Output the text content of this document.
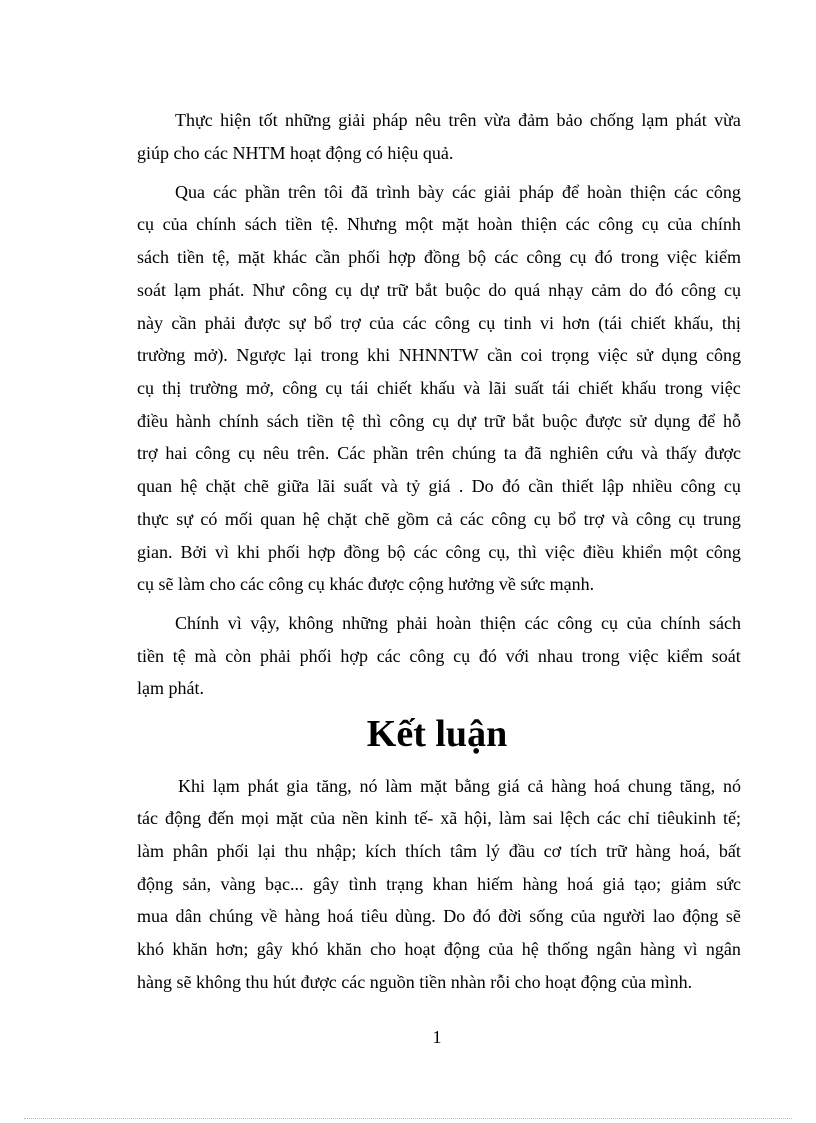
Thực hiện tốt những giải pháp nêu trên vừa đảm bảo chống lạm phát vừa

giúp cho các NHTM hoạt động có hiệu quả.

Qua các phần trên tôi đã trình bày các giải pháp để hoàn thiện các công

cụ của chính sách tiền tệ. Nhưng một mặt hoàn thiện các công cụ của chính

sách tiền tệ, mặt khác cần phối hợp đồng bộ các công cụ đó trong việc kiểm

soát lạm phát. Như công cụ dự trữ bắt buộc do quá nhạy cảm do đó công cụ

này cần phải được sự bổ trợ của các công cụ tinh vi hơn (tái chiết khấu, thị

trường mở). Ngược lại trong khi NHNNTW cần coi trọng việc sử dụng công

cụ thị trường mở, công cụ tái chiết khấu và lãi suất tái chiết khấu trong việc

điều hành chính sách tiền tệ thì công cụ dự trữ bắt buộc được sử dụng để hỗ

trợ hai công cụ nêu trên. Các phần trên chúng ta đã nghiên cứu và thấy được

quan hệ chặt chẽ giữa lãi suất và tỷ giá . Do đó cần thiết lập nhiều công cụ

thực sự có mối quan hệ chặt chẽ gồm cả các công cụ bổ trợ và công cụ trung

gian. Bởi vì khi phối hợp đồng bộ các công cụ, thì việc điều khiển một công

cụ sẽ làm cho các công cụ khác được cộng hưởng về sức mạnh.

Chính vì vậy, không những phải hoàn thiện các công cụ của chính sách

tiền tệ mà còn phải phối hợp các công cụ đó với nhau trong việc kiểm soát

lạm phát.

Kết luận

Khi lạm phát gia tăng, nó làm mặt bằng giá cả hàng hoá chung tăng, nó

tác động đến mọi mặt của nền kinh tế- xã hội, làm sai lệch các chỉ tiêukinh tế;

làm phân phối lại thu nhập; kích thích tâm lý đầu cơ tích trữ hàng hoá, bất

động sản, vàng bạc... gây tình trạng khan hiếm hàng hoá giả tạo; giảm sức

mua dân chúng về hàng hoá tiêu dùng. Do đó đời sống của người lao động sẽ

khó khăn hơn; gây khó khăn cho hoạt động của hệ thống ngân hàng vì ngân

hàng sẽ không thu hút được các nguồn tiền nhàn rỗi cho hoạt động của mình.

1
